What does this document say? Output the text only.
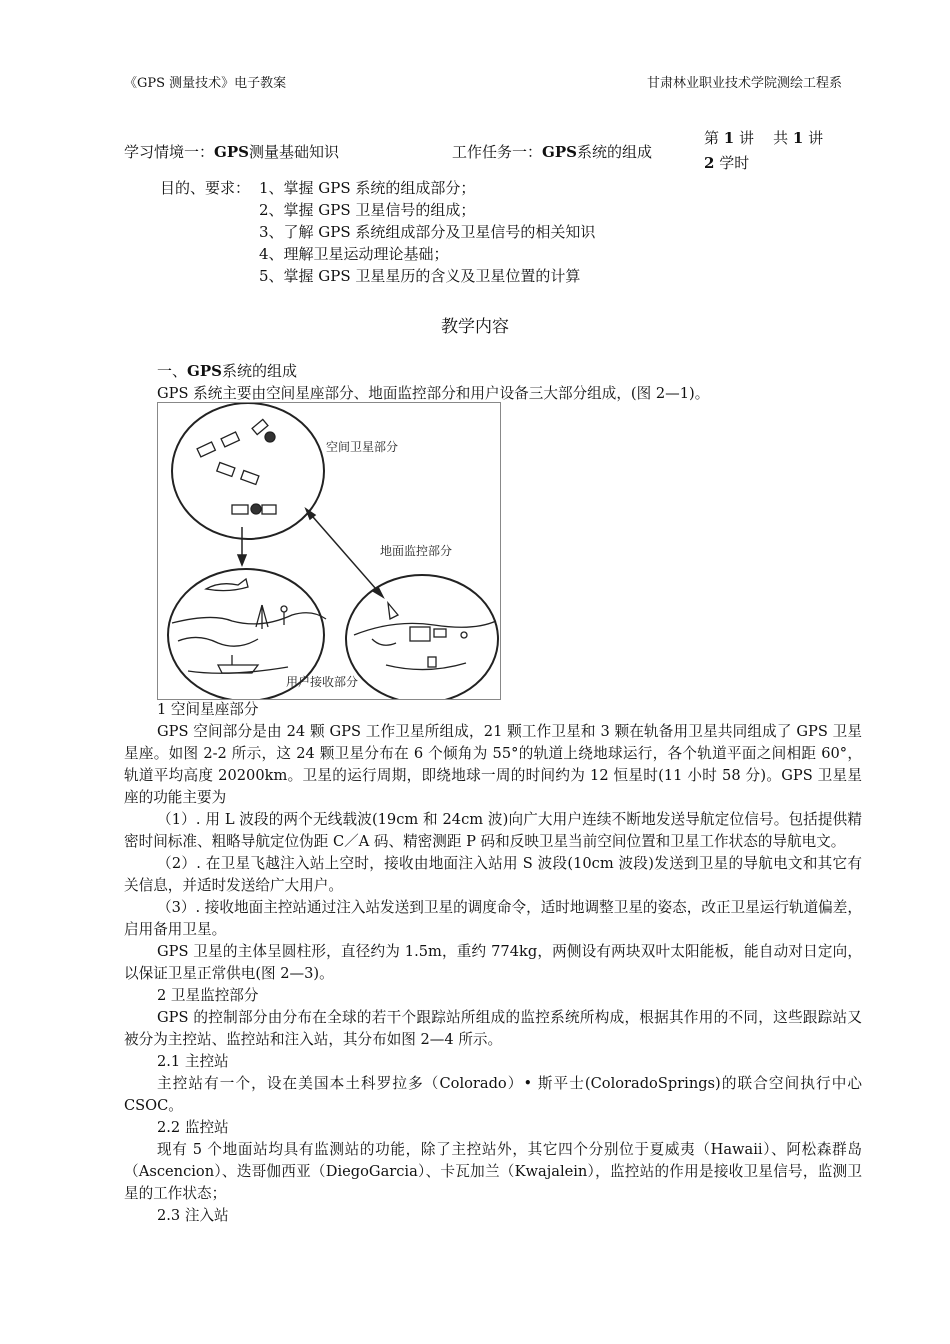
《GPS 测量技术》电子教案	甘肃林业职业技术学院测绘工程系
学习情境一：GPS测量基础知识	工作任务一：GPS系统的组成
第 1 讲 共 1 讲
2 学时
目的、要求： 1、掌握 GPS 系统的组成部分；
2、掌握 GPS 卫星信号的组成；
3、了解 GPS 系统组成部分及卫星信号的相关知识
4、理解卫星运动理论基础；
5、掌握 GPS 卫星星历的含义及卫星位置的计算
教学内容
一、GPS系统的组成
GPS 系统主要由空间星座部分、地面监控部分和用户设备三大部分组成，(图 2—1)。
空间卫星部分
地面监控部分
用户接收部分

1 空间星座部分

GPS 空间部分是由 24 颗 GPS 工作卫星所组成，21 颗工作卫星和 3 颗在轨备用卫星共同组成了 GPS 卫星星座。如图 2-2 所示，这 24 颗卫星分布在 6 个倾角为 55°的轨道上绕地球运行，各个轨道平面之间相距 60°，轨道平均高度 20200km。卫星的运行周期，即绕地球一周的时间约为 12 恒星时(11 小时 58 分)。GPS 卫星星座的功能主要为

（1）. 用 L 波段的两个无线载波(19cm 和 24cm 波)向广大用户连续不断地发送导航定位信号。包括提供精密时间标准、粗略导航定位伪距 C／A 码、精密测距 P 码和反映卫星当前空间位置和卫星工作状态的导航电文。

（2）. 在卫星飞越注入站上空时，接收由地面注入站用 S 波段(10cm 波段)发送到卫星的导航电文和其它有关信息，并适时发送给广大用户。

（3）. 接收地面主控站通过注入站发送到卫星的调度命令，适时地调整卫星的姿态，改正卫星运行轨道偏差，启用备用卫星。

GPS 卫星的主体呈圆柱形，直径约为 1.5m，重约 774kg，两侧设有两块双叶太阳能板，能自动对日定向，以保证卫星正常供电(图 2—3)。

2 卫星监控部分

GPS 的控制部分由分布在全球的若干个跟踪站所组成的监控系统所构成，根据其作用的不同，这些跟踪站又被分为主控站、监控站和注入站，其分布如图 2—4 所示。

2.1 主控站

主控站有一个，设在美国本土科罗拉多（Colorado）• 斯平士(ColoradoSprings)的联合空间执行中心 CSOC。

2.2 监控站

现有 5 个地面站均具有监测站的功能，除了主控站外，其它四个分别位于夏威夷（Hawaii）、阿松森群岛（Ascencion）、迭哥伽西亚（DiegoGarcia）、卡瓦加兰（Kwajalein），监控站的作用是接收卫星信号，监测卫星的工作状态；

2.3 注入站
